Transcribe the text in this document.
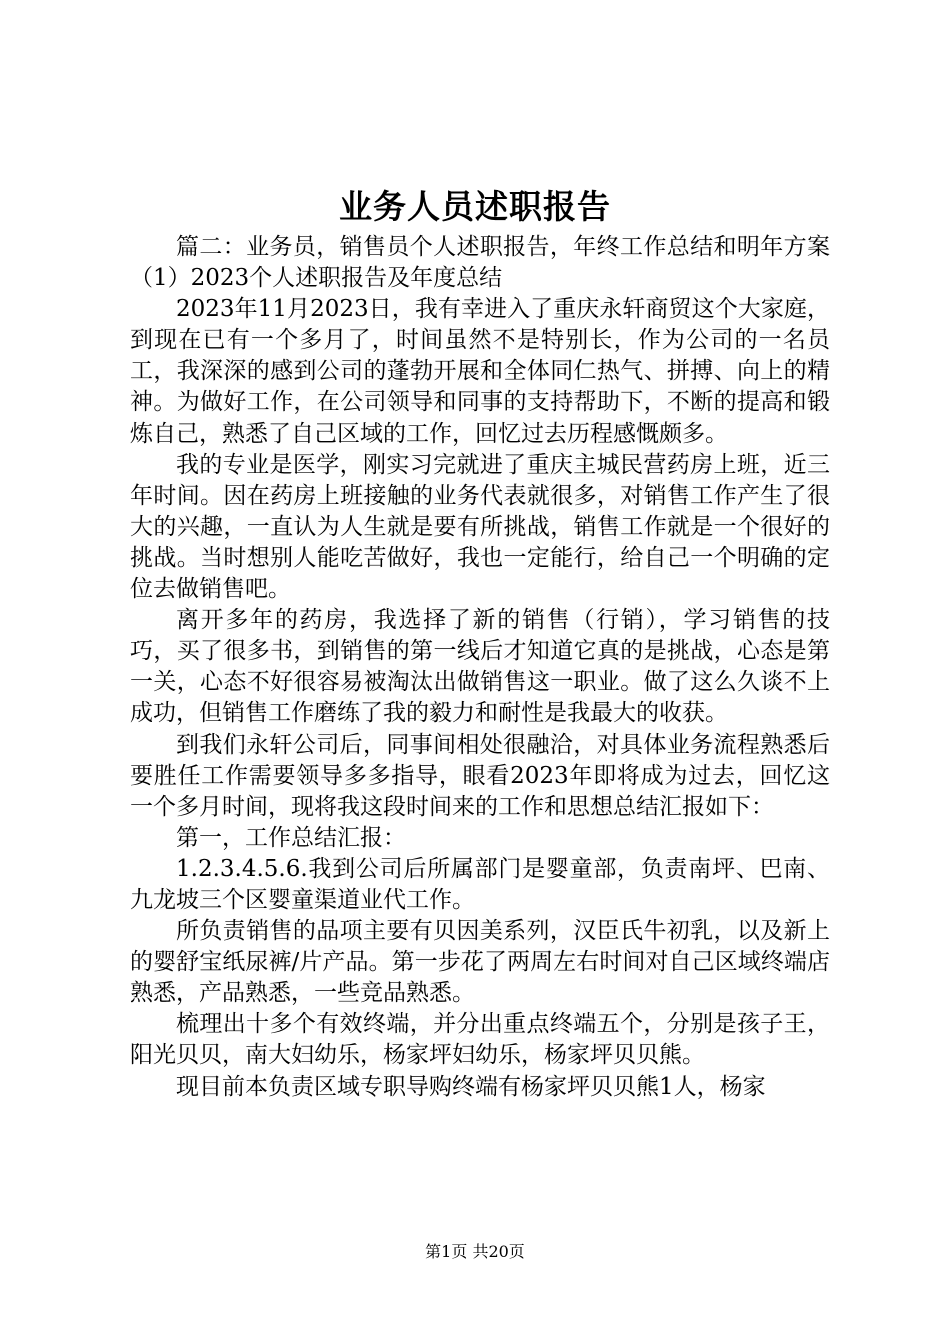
业务人员述职报告

篇二：业务员，销售员个人述职报告，年终工作总结和明年方案（1）2023个人述职报告及年度总结

2023年11月2023日，我有幸进入了重庆永轩商贸这个大家庭，到现在已有一个多月了，时间虽然不是特别长，作为公司的一名员工，我深深的感到公司的蓬勃开展和全体同仁热气、拼搏、向上的精神。为做好工作，在公司领导和同事的支持帮助下，不断的提高和锻炼自己，熟悉了自己区域的工作，回忆过去历程感慨颇多。

我的专业是医学，刚实习完就进了重庆主城民营药房上班，近三年时间。因在药房上班接触的业务代表就很多，对销售工作产生了很大的兴趣，一直认为人生就是要有所挑战，销售工作就是一个很好的挑战。当时想别人能吃苦做好，我也一定能行，给自己一个明确的定位去做销售吧。

离开多年的药房，我选择了新的销售（行销），学习销售的技巧，买了很多书，到销售的第一线后才知道它真的是挑战，心态是第一关，心态不好很容易被淘汰出做销售这一职业。做了这么久谈不上成功，但销售工作磨练了我的毅力和耐性是我最大的收获。

到我们永轩公司后，同事间相处很融洽，对具体业务流程熟悉后要胜任工作需要领导多多指导，眼看2023年即将成为过去，回忆这一个多月时间，现将我这段时间来的工作和思想总结汇报如下：

第一，工作总结汇报：

1.2.3.4.5.6.我到公司后所属部门是婴童部，负责南坪、巴南、九龙坡三个区婴童渠道业代工作。

所负责销售的品项主要有贝因美系列，汉臣氏牛初乳，以及新上的婴舒宝纸尿裤/片产品。第一步花了两周左右时间对自己区域终端店熟悉，产品熟悉，一些竞品熟悉。

梳理出十多个有效终端，并分出重点终端五个，分别是孩子王，阳光贝贝，南大妇幼乐，杨家坪妇幼乐，杨家坪贝贝熊。

现目前本负责区域专职导购终端有杨家坪贝贝熊1人，杨家

第1页 共20页
